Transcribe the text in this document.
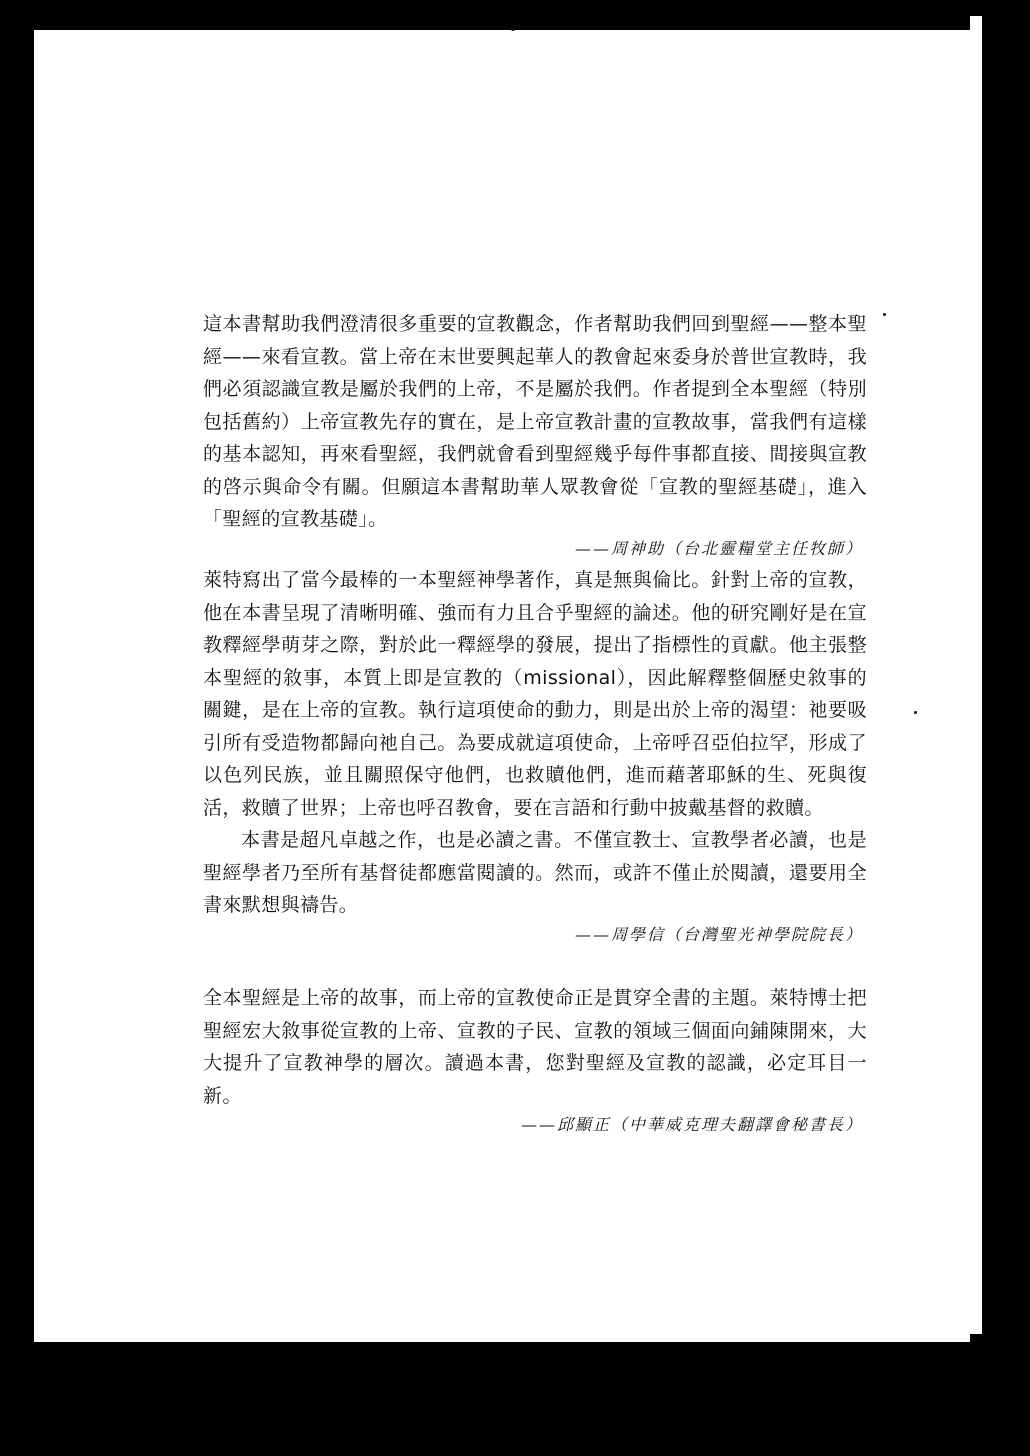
這本書幫助我們澄清很多重要的宣教觀念，作者幫助我們回到聖經——整本聖經——來看宣教。當上帝在末世要興起華人的教會起來委身於普世宣教時，我們必須認識宣教是屬於我們的上帝，不是屬於我們。作者提到全本聖經（特別包括舊約）上帝宣教先存的實在，是上帝宣教計畫的宣教故事，當我們有這樣的基本認知，再來看聖經，我們就會看到聖經幾乎每件事都直接、間接與宣教的啓示與命令有關。但願這本書幫助華人眾教會從「宣教的聖經基礎」，進入「聖經的宣教基礎」。

——周神助（台北靈糧堂主任牧師）

萊特寫出了當今最棒的一本聖經神學著作，真是無與倫比。針對上帝的宣教，他在本書呈現了清晰明確、強而有力且合乎聖經的論述。他的研究剛好是在宣教釋經學萌芽之際，對於此一釋經學的發展，提出了指標性的貢獻。他主張整本聖經的敘事，本質上即是宣教的（missional），因此解釋整個歷史敘事的關鍵，是在上帝的宣教。執行這項使命的動力，則是出於上帝的渴望：祂要吸引所有受造物都歸向祂自己。為要成就這項使命，上帝呼召亞伯拉罕，形成了以色列民族，並且關照保守他們，也救贖他們，進而藉著耶穌的生、死與復活，救贖了世界；上帝也呼召教會，要在言語和行動中披戴基督的救贖。

本書是超凡卓越之作，也是必讀之書。不僅宣教士、宣教學者必讀，也是聖經學者乃至所有基督徒都應當閱讀的。然而，或許不僅止於閱讀，還要用全書來默想與禱告。

——周學信（台灣聖光神學院院長）

全本聖經是上帝的故事，而上帝的宣教使命正是貫穿全書的主題。萊特博士把聖經宏大敘事從宣教的上帝、宣教的子民、宣教的領域三個面向鋪陳開來，大大提升了宣教神學的層次。讀過本書，您對聖經及宣教的認識，必定耳目一新。

——邱顯正（中華威克理夫翻譯會秘書長）
